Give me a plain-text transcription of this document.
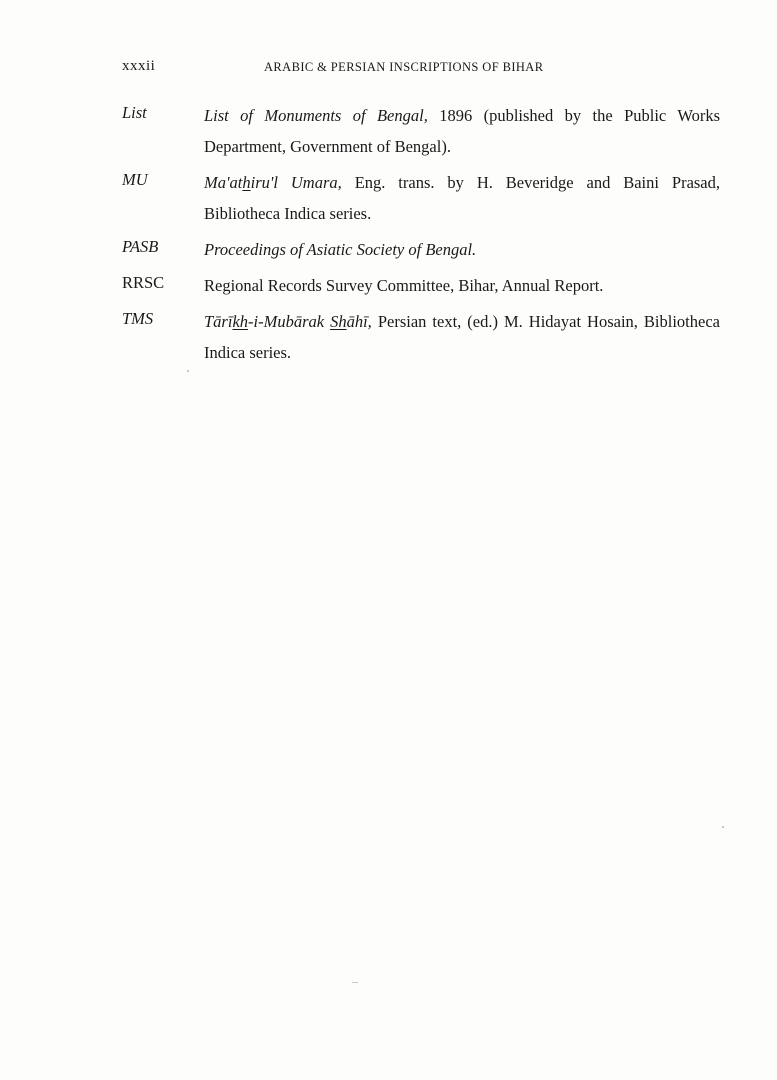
xxxii	ARABIC & PERSIAN INSCRIPTIONS OF BIHAR
List	List of Monuments of Bengal, 1896 (published by the Public Works Department, Government of Bengal).
MU	Ma'athiru'l Umara, Eng. trans. by H. Beveridge and Baini Prasad, Bibliotheca Indica series.
PASB	Proceedings of Asiatic Society of Bengal.
RRSC	Regional Records Survey Committee, Bihar, Annual Report.
TMS	Tārīkh-i-Mubārak Shāhī, Persian text, (ed.) M. Hidayat Hosain, Bibliotheca Indica series.
